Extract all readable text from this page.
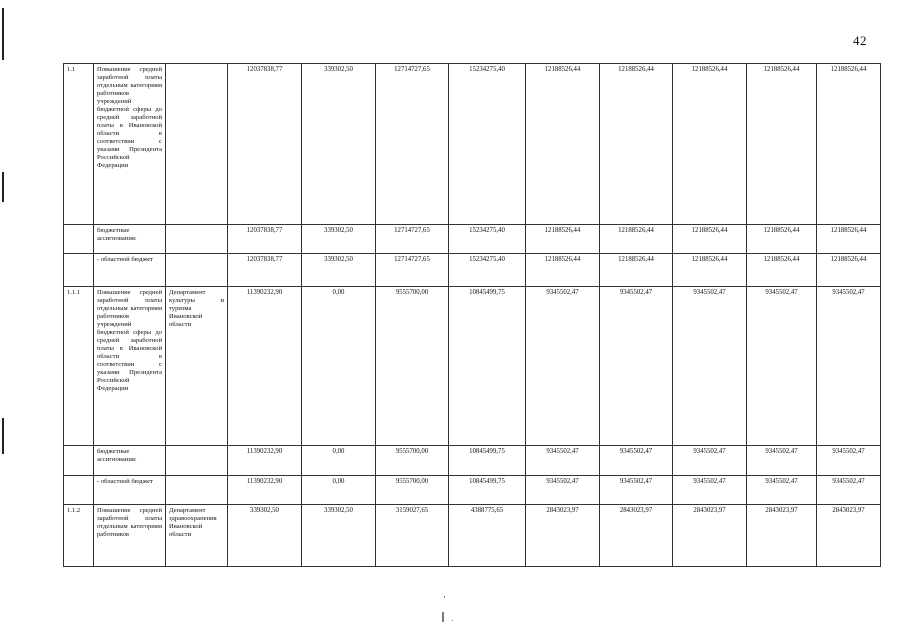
42
1.1	Повышение средней заработной платы отдельным категориям работников учреждений бюджетной сферы до средней заработной платы в Ивановской области в соответствии с указами Президента Российской Федерации		12037838,77	339302,50	12714727,65	15234275,40	12188526,44	12188526,44	12188526,44	12188526,44	12188526,44
	бюджетные ассигнования:		12037838,77	339302,50	12714727,65	15234275,40	12188526,44	12188526,44	12188526,44	12188526,44	12188526,44
	- областной бюджет		12037838,77	339302,50	12714727,65	15234275,40	12188526,44	12188526,44	12188526,44	12188526,44	12188526,44
1.1.1	Повышение средней заработной платы отдельным категориям работников учреждений бюджетной сферы до средней заработной платы в Ивановской области в соответствии с указами Президента Российской Федерации	Департамент культуры и туризма Ивановской области	11390232,90	0,00	9555700,00	10845499,75	9345502,47	9345502,47	9345502,47	9345502,47	9345502,47
	бюджетные ассигнования:		11390232,90	0,00	9555700,00	10845499,75	9345502,47	9345502,47	9345502,47	9345502,47	9345502,47
	- областной бюджет		11390232,90	0,00	9555700,00	10845499,75	9345502,47	9345502,47	9345502,47	9345502,47	9345502,47
1.1.2	Повышение средней заработной платы отдельным категориям работников	Департамент здравоохранения Ивановской области	339302,50	339302,50	3159027,65	4388775,65	2843023,97	2843023,97	2843023,97	2843023,97	2843023,97
